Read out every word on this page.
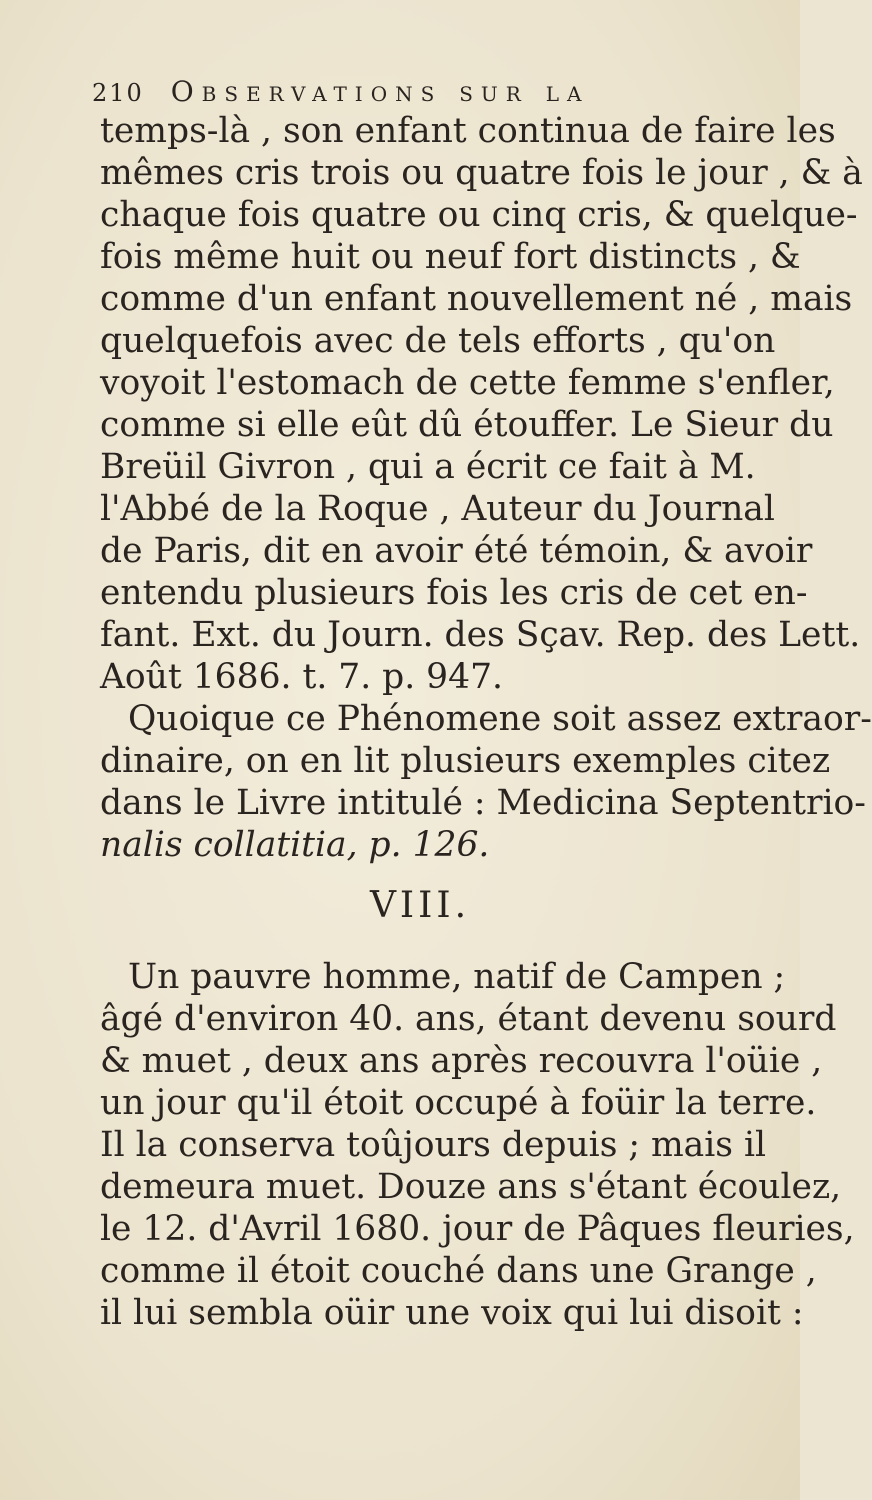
210 Observations sur la
temps-là , son enfant continua de faire les
mêmes cris trois ou quatre fois le jour , & à
chaque fois quatre ou cinq cris, & quelque-
fois même huit ou neuf fort distincts , &
comme d'un enfant nouvellement né , mais
quelquefois avec de tels efforts , qu'on
voyoit l'estomach de cette femme s'enfler,
comme si elle eût dû étouffer. Le Sieur du
Breüil Givron , qui a écrit ce fait à M.
l'Abbé de la Roque , Auteur du Journal
de Paris, dit en avoir été témoin, & avoir
entendu plusieurs fois les cris de cet en-
fant. Ext. du Journ. des Sçav. Rep. des Lett.
Août 1686. t. 7. p. 947.
Quoique ce Phénomene soit assez extraor-
dinaire, on en lit plusieurs exemples citez
dans le Livre intitulé : Medicina Septentrio-
nalis collatitia, p. 126.
VIII.
Un pauvre homme, natif de Campen ;
âgé d'environ 40. ans, étant devenu sourd
& muet , deux ans après recouvra l'oüie ,
un jour qu'il étoit occupé à foüir la terre.
Il la conserva toûjours depuis ; mais il
demeura muet. Douze ans s'étant écoulez,
le 12. d'Avril 1680. jour de Pâques fleuries,
comme il étoit couché dans une Grange ,
il lui sembla oüir une voix qui lui disoit :
